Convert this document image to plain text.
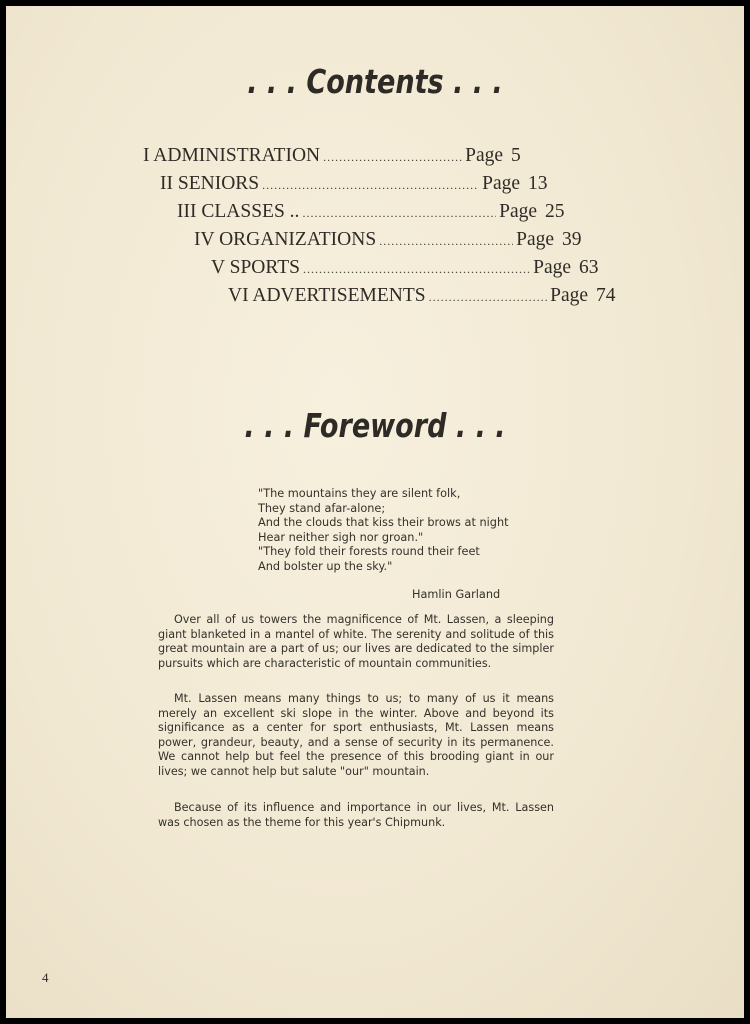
. . . Contents . . .
I ADMINISTRATION .....	Page 5
II SENIORS .....	Page 13
III CLASSES .. .....	Page 25
IV ORGANIZATIONS .....	Page 39
V SPORTS .....	Page 63
VI ADVERTISEMENTS .....	Page 74
. . . Foreword . . .
"The mountains they are silent folk,
They stand afar-alone;
And the clouds that kiss their brows at night
Hear neither sigh nor groan."
"They fold their forests round their feet
And bolster up the sky."
Hamlin Garland

Over all of us towers the magnificence of Mt. Lassen, a sleeping giant blanketed in a mantel of white. The serenity and solitude of this great mountain are a part of us; our lives are dedicated to the simpler pursuits which are characteristic of mountain communities.

Mt. Lassen means many things to us; to many of us it means merely an excellent ski slope in the winter. Above and beyond its significance as a center for sport enthusiasts, Mt. Lassen means power, grandeur, beauty, and a sense of security in its permanence. We cannot help but feel the presence of this brooding giant in our lives; we cannot help but salute "our" mountain.

Because of its influence and importance in our lives, Mt. Lassen was chosen as the theme for this year's Chipmunk.

4
